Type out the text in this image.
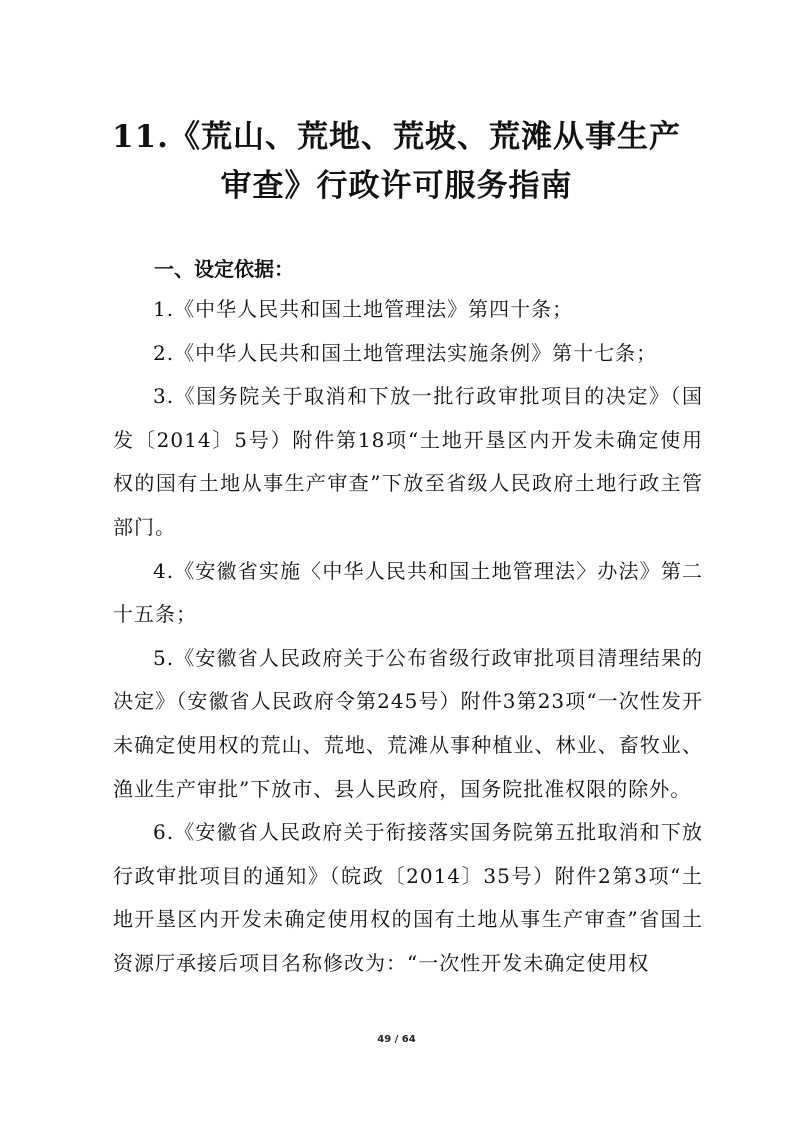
11.《荒山、荒地、荒坡、荒滩从事生产
审查》行政许可服务指南
一、设定依据：

1.《中华人民共和国土地管理法》第四十条；

2.《中华人民共和国土地管理法实施条例》第十七条；

3.《国务院关于取消和下放一批行政审批项目的决定》（国发〔2014〕5号）附件第18项“土地开垦区内开发未确定使用权的国有土地从事生产审查”下放至省级人民政府土地行政主管部门。

4.《安徽省实施〈中华人民共和国土地管理法〉办法》第二十五条；

5.《安徽省人民政府关于公布省级行政审批项目清理结果的决定》（安徽省人民政府令第245号）附件3第23项“一次性发开未确定使用权的荒山、荒地、荒滩从事种植业、林业、畜牧业、渔业生产审批”下放市、县人民政府，国务院批准权限的除外。

6.《安徽省人民政府关于衔接落实国务院第五批取消和下放行政审批项目的通知》（皖政〔2014〕35号）附件2第3项“土地开垦区内开发未确定使用权的国有土地从事生产审查”省国土资源厅承接后项目名称修改为：“一次性开发未确定使用权

49 / 64
